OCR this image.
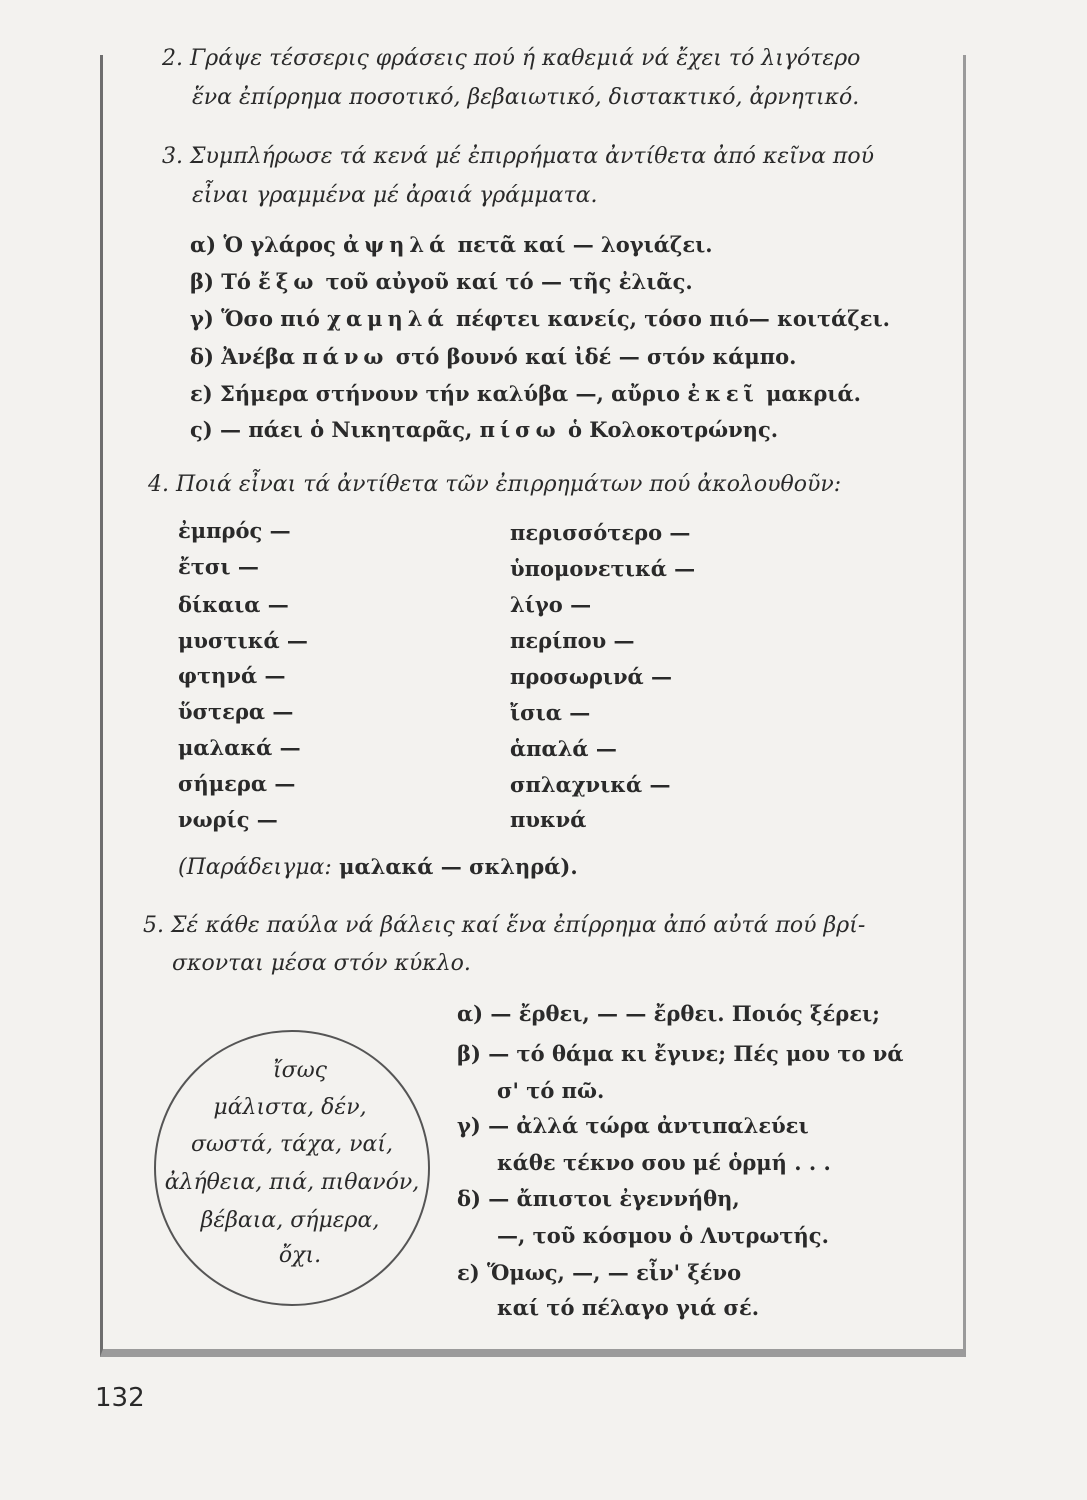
2. Γράψε τέσσερις φράσεις πού ή καθεμιά νά ἔχει τό λιγότερο
ἕνα ἐπίρρημα ποσοτικό, βεβαιωτικό, διστακτικό, ἀρνητικό.
3. Συμπλήρωσε τά κενά μέ ἐπιρρήματα ἀντίθετα ἀπό κεῖνα πού
εἶναι γραμμένα μέ ἀραιά γράμματα.
α) Ὁ γλάρος ἀψηλά πετᾶ καί — λογιάζει.
β) Τό ἔξω τοῦ αὐγοῦ καί τό — τῆς ἐλιᾶς.
γ) Ὅσο πιό χαμηλά πέφτει κανείς, τόσο πιό— κοιτάζει.
δ) Ἀνέβα πάνω στό βουνό καί ἰδέ — στόν κάμπο.
ε) Σήμερα στήνουν τήν καλύβα —, αὔριο ἐκεῖ μακριά.
ς) — πάει ὁ Νικηταρᾶς, πίσω ὁ Κολοκοτρώνης.
4. Ποιά εἶναι τά ἀντίθετα τῶν ἐπιρρημάτων πού ἀκολουθοῦν:
ἐμπρός —
ἔτσι —
δίκαια —
μυστικά —
φτηνά —
ὕστερα —
μαλακά —
σήμερα —
νωρίς —
περισσότερο —
ὑπομονετικά —
λίγο —
περίπου —
προσωρινά —
ἴσια —
ἁπαλά —
σπλαχνικά —
πυκνά
(Παράδειγμα: μαλακά — σκληρά).
5. Σέ κάθε παύλα νά βάλεις καί ἕνα ἐπίρρημα ἀπό αὐτά πού βρί-
σκονται μέσα στόν κύκλο.
ἴσως
μάλιστα, δέν,
σωστά, τάχα, ναί,
ἀλήθεια, πιά, πιθανόν,
βέβαια, σήμερα,
ὄχι.
α) — ἔρθει, — — ἔρθει. Ποιός ξέρει;
β) — τό θάμα κι ἔγινε; Πές μου το νά
σ' τό πῶ.
γ) — ἀλλά τώρα ἀντιπαλεύει
κάθε τέκνο σου μέ ὁρμή . . .
δ) — ἄπιστοι ἐγεννήθη,
—, τοῦ κόσμου ὁ Λυτρωτής.
ε) Ὅμως, —, — εἶν' ξένο
καί τό πέλαγο γιά σέ.
132
